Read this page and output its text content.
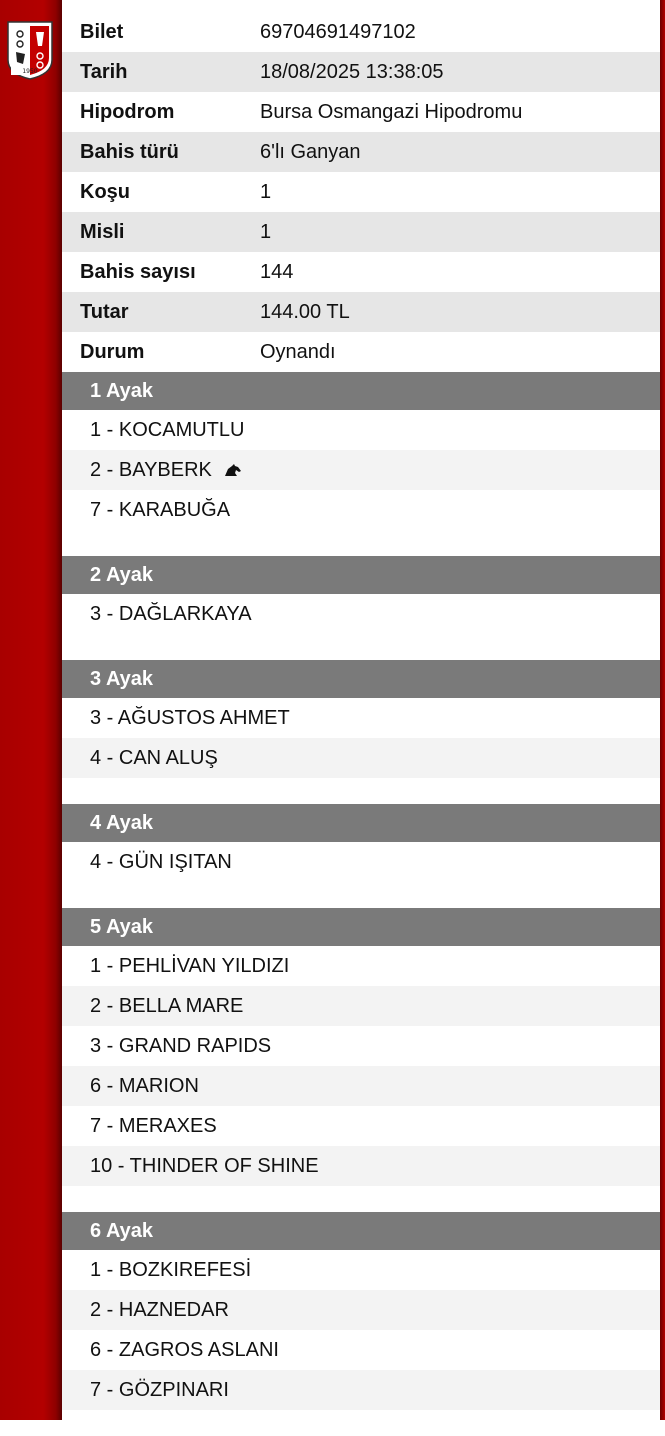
1950
Bilet	69704691497102
Tarih	18/08/2025 13:38:05
Hipodrom	Bursa Osmangazi Hipodromu
Bahis türü	6'lı Ganyan
Koşu	1
Misli	1
Bahis sayısı	144
Tutar	144.00 TL
Durum	Oynandı
1 Ayak
1 - KOCAMUTLU
2 - BAYBERK
7 - KARABUĞA
2 Ayak
3 - DAĞLARKAYA
3 Ayak
3 - AĞUSTOS AHMET
4 - CAN ALUŞ
4 Ayak
4 - GÜN IŞITAN
5 Ayak
1 - PEHLİVAN YILDIZI
2 - BELLA MARE
3 - GRAND RAPIDS
6 - MARION
7 - MERAXES
10 - THINDER OF SHINE
6 Ayak
1 - BOZKIREFESİ
2 - HAZNEDAR
6 - ZAGROS ASLANI
7 - GÖZPINARI
